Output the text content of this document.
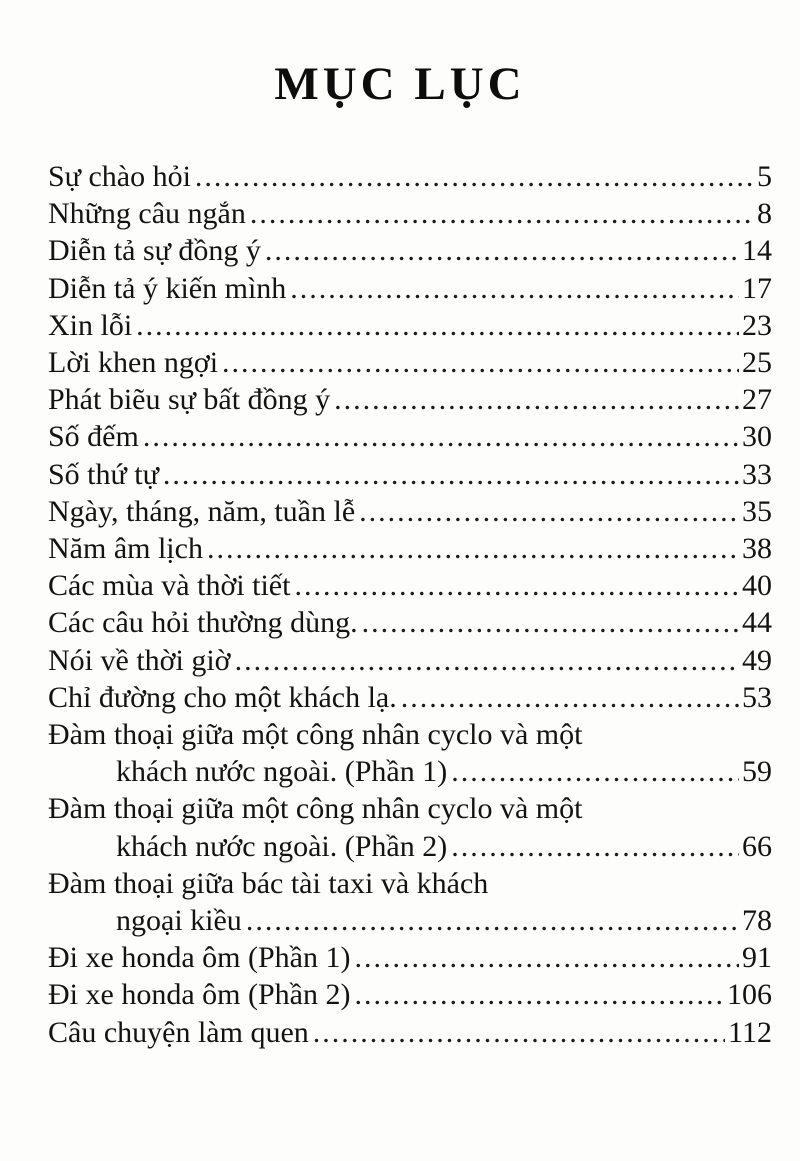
MỤC LỤC
Sự chào hỏi .....	5
Những câu ngắn .....	8
Diễn tả sự đồng ý .....	14
Diễn tả ý kiến mình .....	17
Xin lỗi .....	23
Lời khen ngợi .....	25
Phát biẽu sự bất đồng ý .....	27
Số đếm .....	30
Số thứ tự .....	33
Ngày, tháng, năm, tuần lễ .....	35
Năm âm lịch .....	38
Các mùa và thời tiết .....	40
Các câu hỏi thường dùng. .....	44
Nói về thời giờ .....	49
Chỉ đường cho một khách lạ. .....	53
Đàm thoại giữa một công nhân cyclo và một
khách nước ngoài. (Phần 1) .....	59
Đàm thoại giữa một công nhân cyclo và một
khách nước ngoài. (Phần 2) .....	66
Đàm thoại giữa bác tài taxi và khách
ngoại kiều .....	78
Đi xe honda ôm (Phần 1) .....	91
Đi xe honda ôm (Phần 2) .....	106
Câu chuyện làm quen .....	112
